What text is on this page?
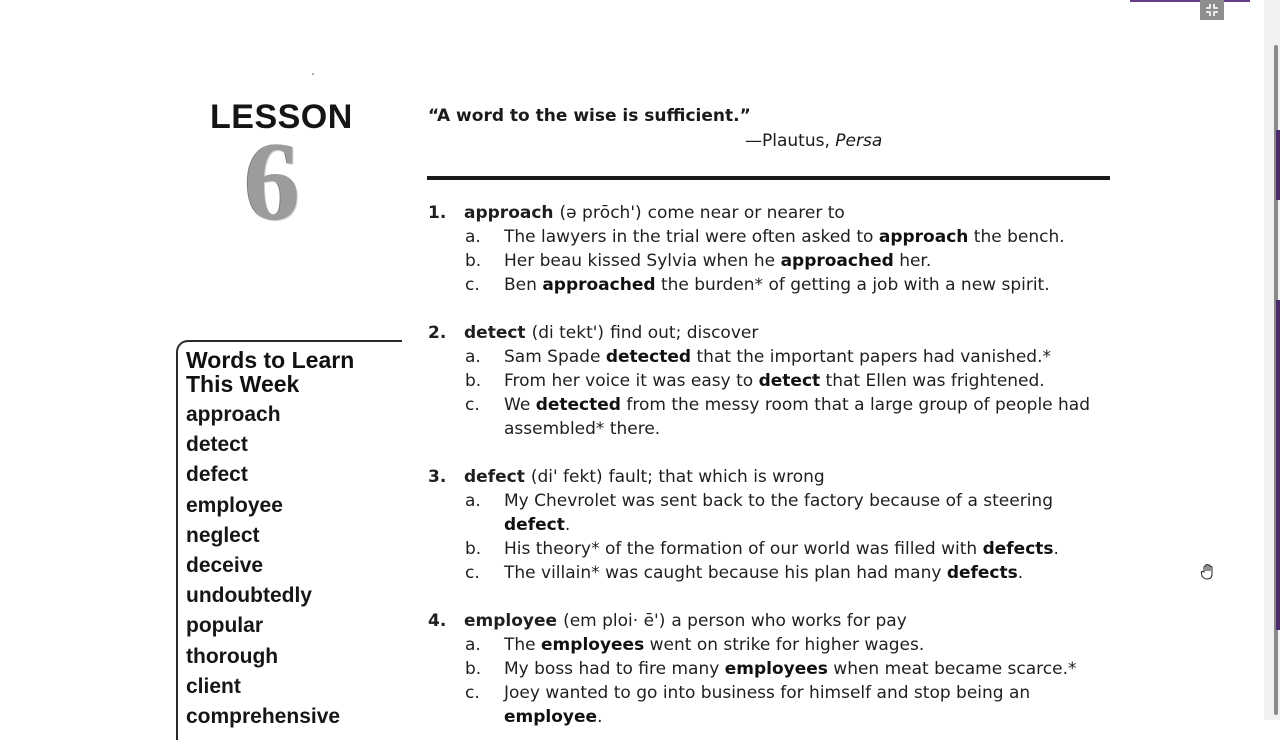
LESSON
6
“A word to the wise is sufficient.”
—Plautus, Persa
Words to Learn
This Week
approach
detect
defect
employee
neglect
deceive
undoubtedly
popular
thorough
client
comprehensive
1.	approach (ə prōch') come near or nearer to
a.	The lawyers in the trial were often asked to approach the bench.
b.	Her beau kissed Sylvia when he approached her.
c.	Ben approached the burden* of getting a job with a new spirit.
2.	detect (di tekt') find out; discover
a.	Sam Spade detected that the important papers had vanished.*
b.	From her voice it was easy to detect that Ellen was frightened.
c.	We detected from the messy room that a large group of people had assembled* there.
3.	defect (di' fekt) fault; that which is wrong
a.	My Chevrolet was sent back to the factory because of a steering defect.
b.	His theory* of the formation of our world was filled with defects.
c.	The villain* was caught because his plan had many defects.
4.	employee (em ploi· ē') a person who works for pay
a.	The employees went on strike for higher wages.
b.	My boss had to fire many employees when meat became scarce.*
c.	Joey wanted to go into business for himself and stop being an employee.
